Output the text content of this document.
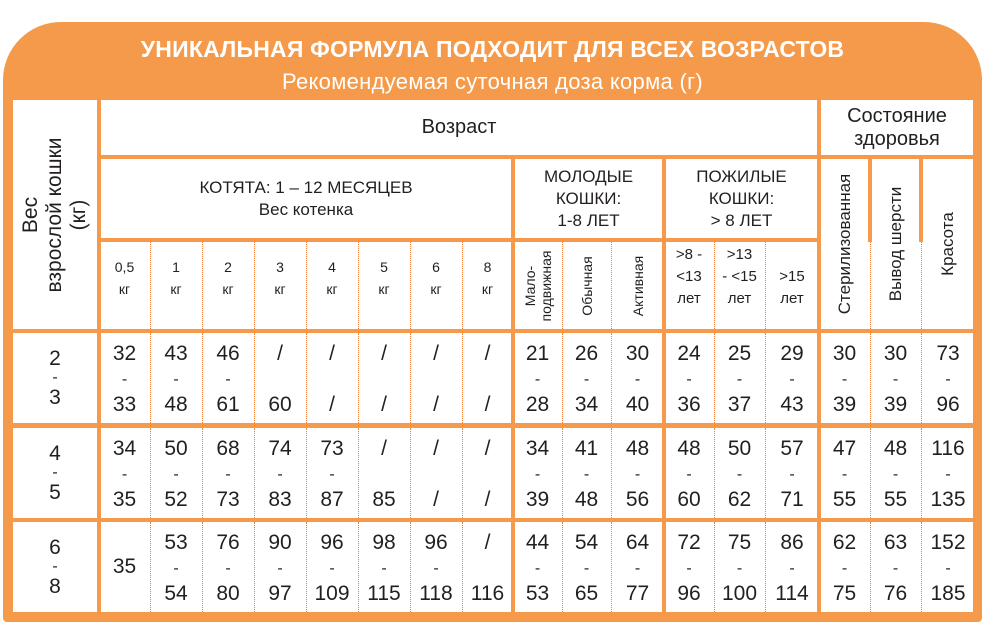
УНИКАЛЬНАЯ ФОРМУЛА ПОДХОДИТ ДЛЯ ВСЕХ ВОЗРАСТОВ
Рекомендуемая суточная доза корма (г)
Вес взрослой кошки (кг)
Возраст
Состояние
здоровья
КОТЯТА: 1 – 12 МЕСЯЦЕВ
Вес котенка
МОЛОДЫЕ
КОШКИ:
1-8 ЛЕТ
ПОЖИЛЫЕ
КОШКИ:
> 8 ЛЕТ
0,5
кг
1
кг
2
кг
3
кг
4
кг
5
кг
6
кг
8
кг Мало- подвижная Обычная	Активная
>8 -
<13
лет
>13
- <15
лет
>15
лет Стерилизованная Вывод шерсти Красота
2
-
3
32
-
33
43
-
48
46
-
61
/
60
/
/
/
/
/
/
/
/
21
-
28
26
-
34
30
-
40
24
-
36
25
-
37
29
-
43
30
-
39
30
-
39
73
-
96
4
-
5
34
-
35
50
-
52
68
-
73
74
-
83
73
-
87
/
85
/
/
/
/
34
-
39
41
-
48
48
-
56
48
-
60
50
-
62
57
-
71
47
-
55
48
-
55
116
-
135
6
-
8
35
53
-
54
76
-
80
90
-
97
96
-
109
98
-
115
96
-
118
/
116
44
-
53
54
-
65
64
-
77
72
-
96
75
-
100
86
-
114
62
-
75
63
-
76
152
-
185
